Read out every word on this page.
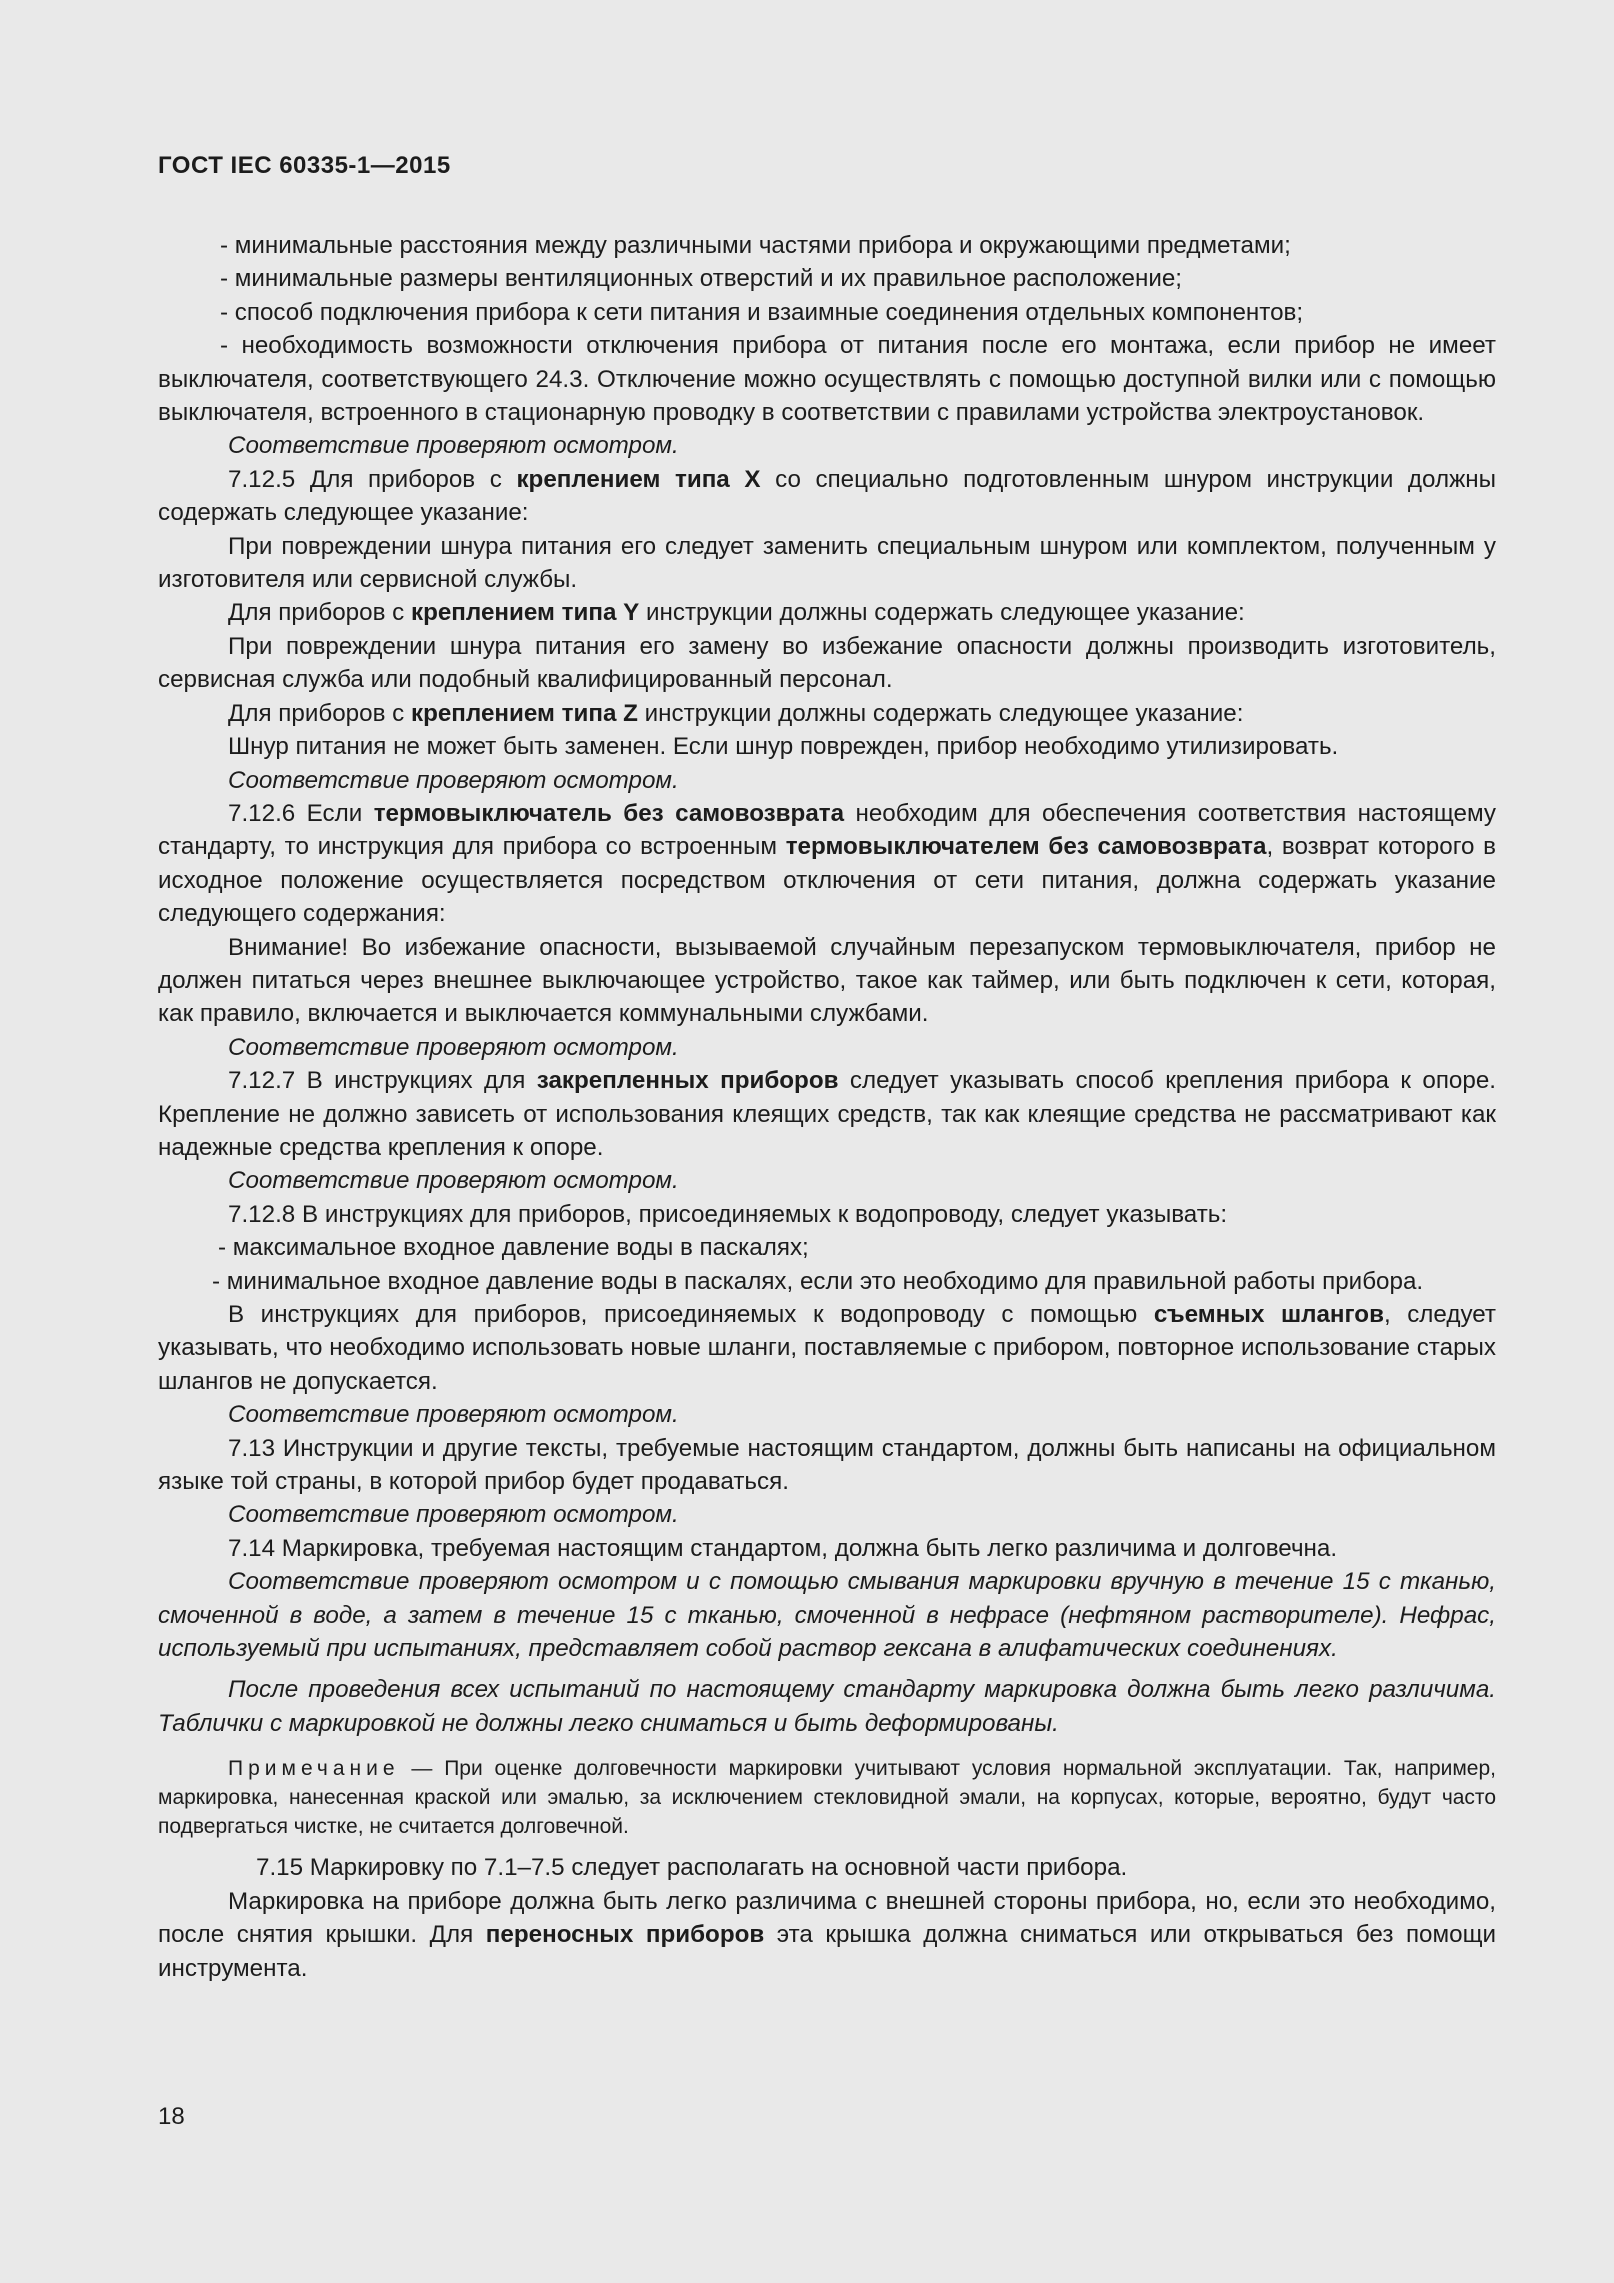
ГОСТ IEC 60335-1—2015

- минимальные расстояния между различными частями прибора и окружающими предметами;

- минимальные размеры вентиляционных отверстий и их правильное расположение;

- способ подключения прибора к сети питания и взаимные соединения отдельных компонентов;

- необходимость возможности отключения прибора от питания после его монтажа, если прибор не имеет выключателя, соответствующего 24.3. Отключение можно осуществлять с помощью доступной вилки или с помощью выключателя, встроенного в стационарную проводку в соответствии с правилами устройства электроустановок.

Соответствие проверяют осмотром.

7.12.5 Для приборов с креплением типа X со специально подготовленным шнуром инструкции должны содержать следующее указание:

При повреждении шнура питания его следует заменить специальным шнуром или комплектом, полученным у изготовителя или сервисной службы.

Для приборов с креплением типа Y инструкции должны содержать следующее указание:

При повреждении шнура питания его замену во избежание опасности должны производить изготовитель, сервисная служба или подобный квалифицированный персонал.

Для приборов с креплением типа Z инструкции должны содержать следующее указание:

Шнур питания не может быть заменен. Если шнур поврежден, прибор необходимо утилизировать.

Соответствие проверяют осмотром.

7.12.6 Если термовыключатель без самовозврата необходим для обеспечения соответствия настоящему стандарту, то инструкция для прибора со встроенным термовыключателем без самовозврата, возврат которого в исходное положение осуществляется посредством отключения от сети питания, должна содержать указание следующего содержания:

Внимание! Во избежание опасности, вызываемой случайным перезапуском термовыключателя, прибор не должен питаться через внешнее выключающее устройство, такое как таймер, или быть подключен к сети, которая, как правило, включается и выключается коммунальными службами.

Соответствие проверяют осмотром.

7.12.7 В инструкциях для закрепленных приборов следует указывать способ крепления прибора к опоре. Крепление не должно зависеть от использования клеящих средств, так как клеящие средства не рассматривают как надежные средства крепления к опоре.

Соответствие проверяют осмотром.

7.12.8 В инструкциях для приборов, присоединяемых к водопроводу, следует указывать:

- максимальное входное давление воды в паскалях;

- минимальное входное давление воды в паскалях, если это необходимо для правильной работы прибора.

В инструкциях для приборов, присоединяемых к водопроводу с помощью съемных шлангов, следует указывать, что необходимо использовать новые шланги, поставляемые с прибором, повторное использование старых шлангов не допускается.

Соответствие проверяют осмотром.

7.13 Инструкции и другие тексты, требуемые настоящим стандартом, должны быть написаны на официальном языке той страны, в которой прибор будет продаваться.

Соответствие проверяют осмотром.

7.14 Маркировка, требуемая настоящим стандартом, должна быть легко различима и долговечна.

Соответствие проверяют осмотром и с помощью смывания маркировки вручную в течение 15 с тканью, смоченной в воде, а затем в течение 15 с тканью, смоченной в нефрасе (нефтяном растворителе). Нефрас, используемый при испытаниях, представляет собой раствор гексана в алифатических соединениях.

После проведения всех испытаний по настоящему стандарту маркировка должна быть легко различима. Таблички с маркировкой не должны легко сниматься и быть деформированы.

Примечание — При оценке долговечности маркировки учитывают условия нормальной эксплуатации. Так, например, маркировка, нанесенная краской или эмалью, за исключением стекловидной эмали, на корпусах, которые, вероятно, будут часто подвергаться чистке, не считается долговечной.

7.15 Маркировку по 7.1–7.5 следует располагать на основной части прибора.

Маркировка на приборе должна быть легко различима с внешней стороны прибора, но, если это необходимо, после снятия крышки. Для переносных приборов эта крышка должна сниматься или открываться без помощи инструмента.

18
